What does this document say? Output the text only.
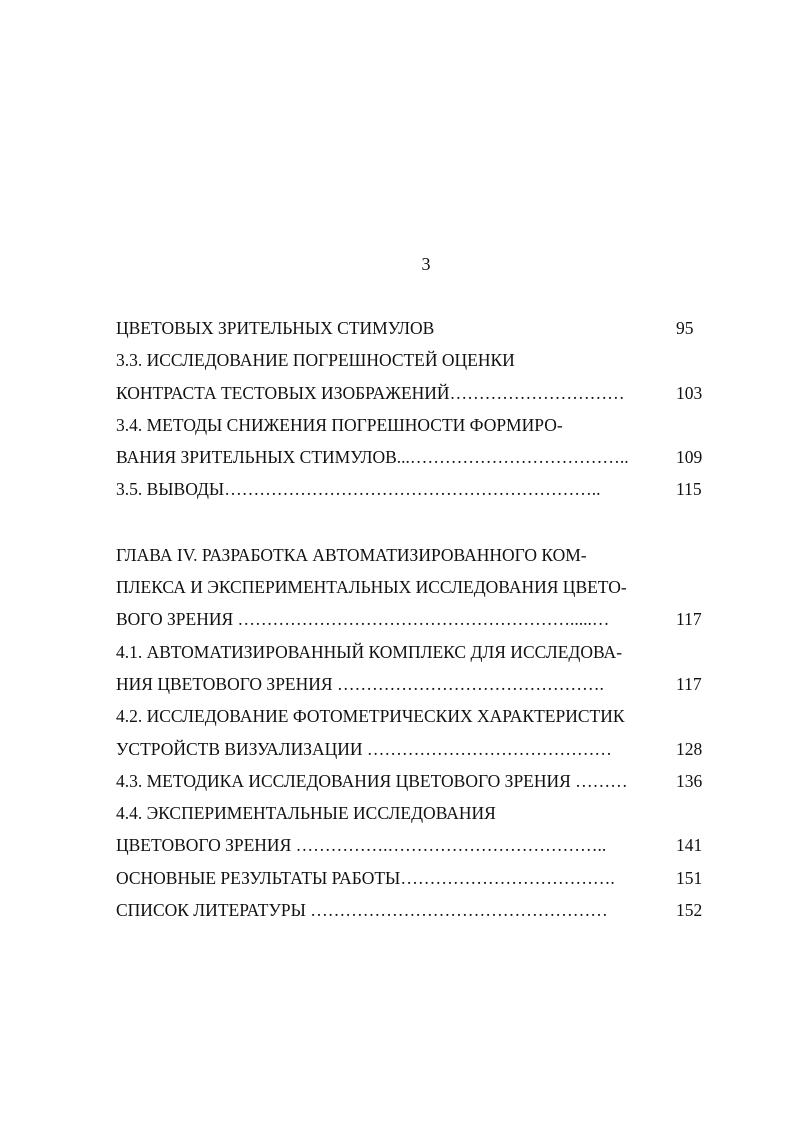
3
ЦВЕТОВЫХ ЗРИТЕЛЬНЫХ СТИМУЛОВ	95
3.3. ИССЛЕДОВАНИЕ ПОГРЕШНОСТЕЙ ОЦЕНКИ
КОНТРАСТА ТЕСТОВЫХ ИЗОБРАЖЕНИЙ…………………………	103
3.4. МЕТОДЫ СНИЖЕНИЯ ПОГРЕШНОСТИ ФОРМИРО-
ВАНИЯ ЗРИТЕЛЬНЫХ СТИМУЛОВ...………………………………..	109
3.5. ВЫВОДЫ………………………………………………………..	115
ГЛАВА IV. РАЗРАБОТКА АВТОМАТИЗИРОВАННОГО КОМ-
ПЛЕКСА И ЭКСПЕРИМЕНТАЛЬНЫХ ИССЛЕДОВАНИЯ ЦВЕТО-
ВОГО ЗРЕНИЯ ………………………………………………….....…	117
4.1. АВТОМАТИЗИРОВАННЫЙ КОМПЛЕКС ДЛЯ ИССЛЕДОВА-
НИЯ ЦВЕТОВОГО ЗРЕНИЯ ……………………………………….	117
4.2. ИССЛЕДОВАНИЕ ФОТОМЕТРИЧЕСКИХ ХАРАКТЕРИСТИК
УСТРОЙСТВ ВИЗУАЛИЗАЦИИ ……………………………………	128
4.3. МЕТОДИКА ИССЛЕДОВАНИЯ ЦВЕТОВОГО ЗРЕНИЯ ………	136
4.4. ЭКСПЕРИМЕНТАЛЬНЫЕ ИССЛЕДОВАНИЯ
ЦВЕТОВОГО ЗРЕНИЯ …………….………………………………..	141
ОСНОВНЫЕ РЕЗУЛЬТАТЫ РАБОТЫ……………………………….	151
СПИСОК ЛИТЕРАТУРЫ ……………………………………………	152
